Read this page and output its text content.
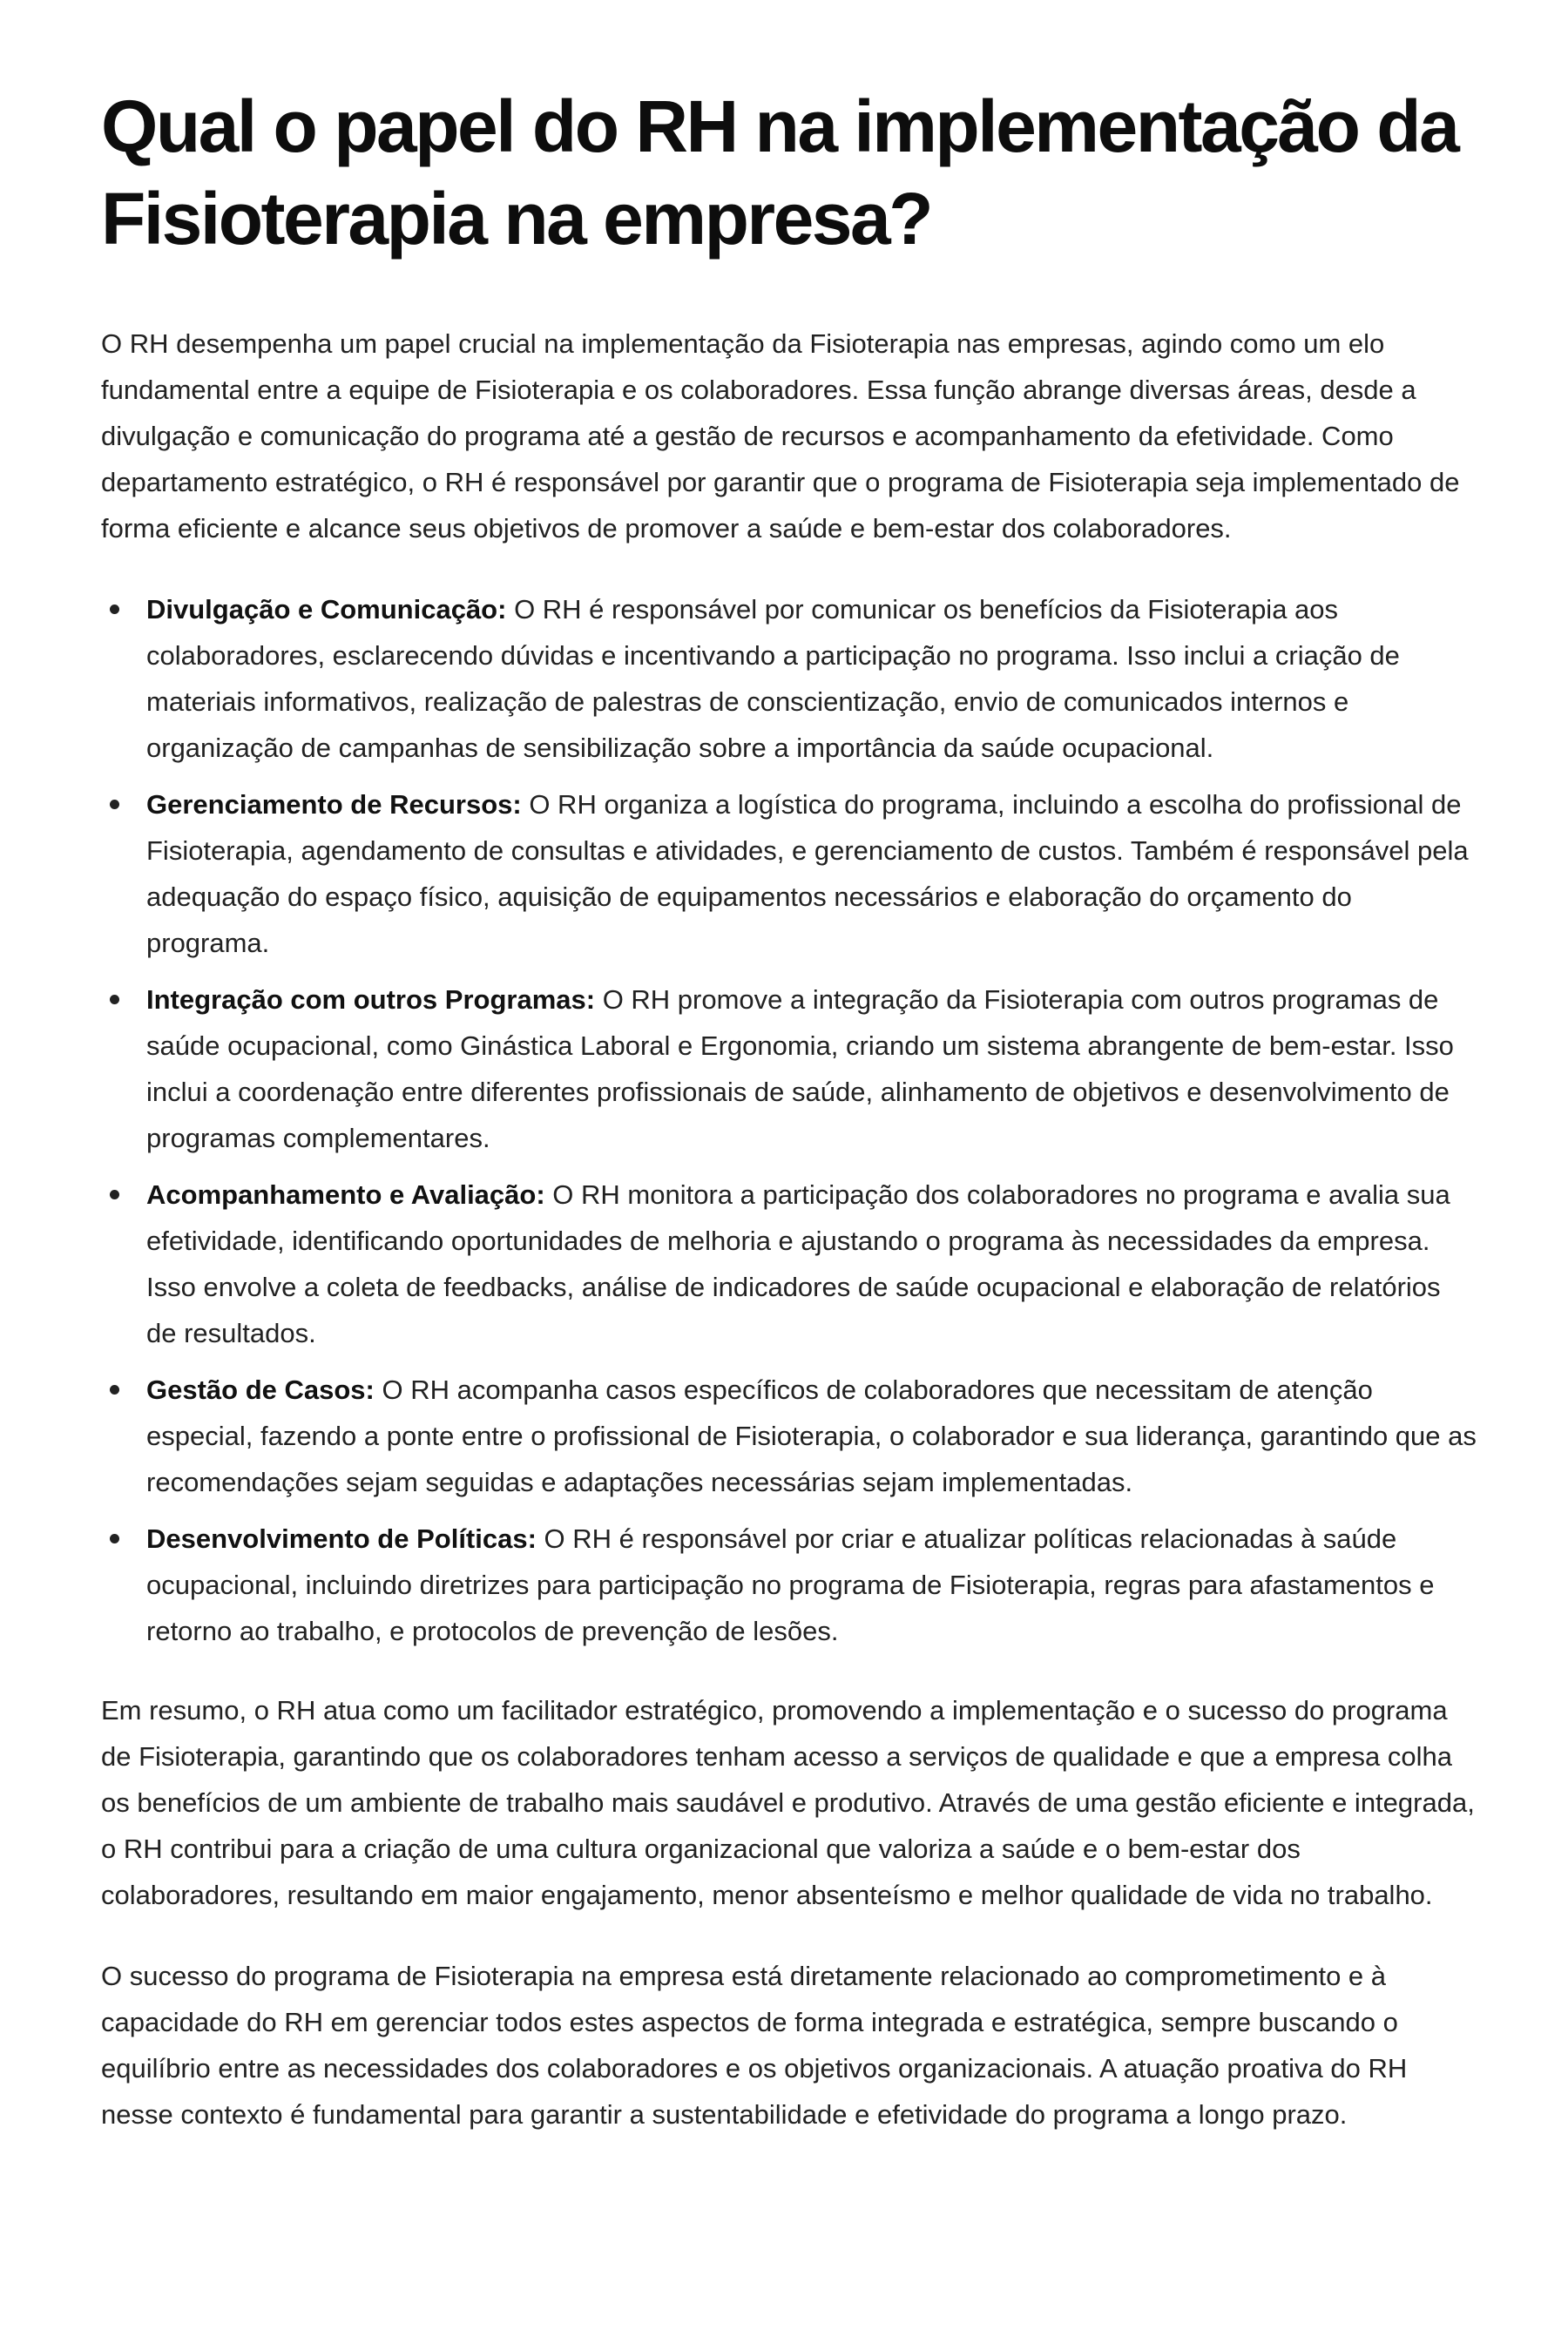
Qual o papel do RH na implementação da Fisioterapia na empresa?

O RH desempenha um papel crucial na implementação da Fisioterapia nas empresas, agindo como um elo fundamental entre a equipe de Fisioterapia e os colaboradores. Essa função abrange diversas áreas, desde a divulgação e comunicação do programa até a gestão de recursos e acompanhamento da efetividade. Como departamento estratégico, o RH é responsável por garantir que o programa de Fisioterapia seja implementado de forma eficiente e alcance seus objetivos de promover a saúde e bem-estar dos colaboradores.

Divulgação e Comunicação: O RH é responsável por comunicar os benefícios da Fisioterapia aos colaboradores, esclarecendo dúvidas e incentivando a participação no programa. Isso inclui a criação de materiais informativos, realização de palestras de conscientização, envio de comunicados internos e organização de campanhas de sensibilização sobre a importância da saúde ocupacional.
Gerenciamento de Recursos: O RH organiza a logística do programa, incluindo a escolha do profissional de Fisioterapia, agendamento de consultas e atividades, e gerenciamento de custos. Também é responsável pela adequação do espaço físico, aquisição de equipamentos necessários e elaboração do orçamento do programa.
Integração com outros Programas: O RH promove a integração da Fisioterapia com outros programas de saúde ocupacional, como Ginástica Laboral e Ergonomia, criando um sistema abrangente de bem-estar. Isso inclui a coordenação entre diferentes profissionais de saúde, alinhamento de objetivos e desenvolvimento de programas complementares.
Acompanhamento e Avaliação: O RH monitora a participação dos colaboradores no programa e avalia sua efetividade, identificando oportunidades de melhoria e ajustando o programa às necessidades da empresa. Isso envolve a coleta de feedbacks, análise de indicadores de saúde ocupacional e elaboração de relatórios de resultados.
Gestão de Casos: O RH acompanha casos específicos de colaboradores que necessitam de atenção especial, fazendo a ponte entre o profissional de Fisioterapia, o colaborador e sua liderança, garantindo que as recomendações sejam seguidas e adaptações necessárias sejam implementadas.
Desenvolvimento de Políticas: O RH é responsável por criar e atualizar políticas relacionadas à saúde ocupacional, incluindo diretrizes para participação no programa de Fisioterapia, regras para afastamentos e retorno ao trabalho, e protocolos de prevenção de lesões.

Em resumo, o RH atua como um facilitador estratégico, promovendo a implementação e o sucesso do programa de Fisioterapia, garantindo que os colaboradores tenham acesso a serviços de qualidade e que a empresa colha os benefícios de um ambiente de trabalho mais saudável e produtivo. Através de uma gestão eficiente e integrada, o RH contribui para a criação de uma cultura organizacional que valoriza a saúde e o bem-estar dos colaboradores, resultando em maior engajamento, menor absenteísmo e melhor qualidade de vida no trabalho.

O sucesso do programa de Fisioterapia na empresa está diretamente relacionado ao comprometimento e à capacidade do RH em gerenciar todos estes aspectos de forma integrada e estratégica, sempre buscando o equilíbrio entre as necessidades dos colaboradores e os objetivos organizacionais. A atuação proativa do RH nesse contexto é fundamental para garantir a sustentabilidade e efetividade do programa a longo prazo.
